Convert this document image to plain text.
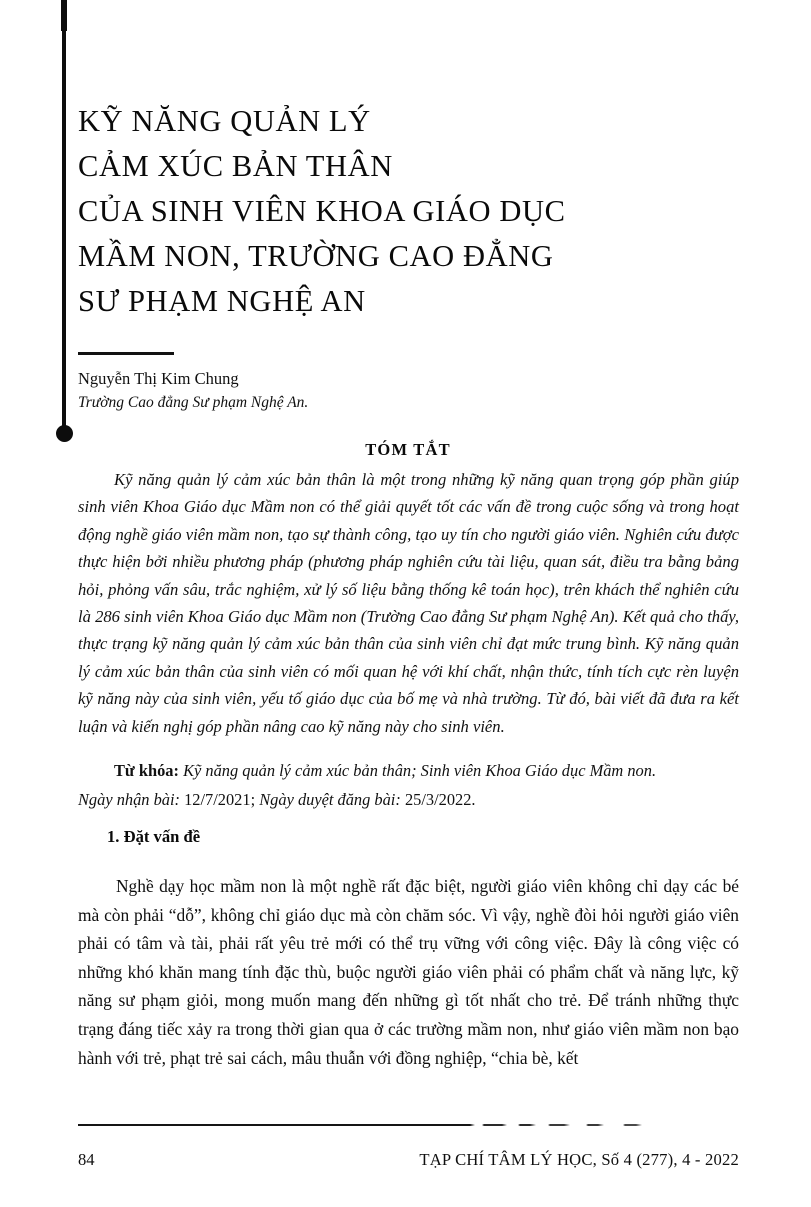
KỸ NĂNG QUẢN LÝ
CẢM XÚC BẢN THÂN
CỦA SINH VIÊN KHOA GIÁO DỤC
MẦM NON, TRƯỜNG CAO ĐẲNG
SƯ PHẠM NGHỆ AN
Nguyễn Thị Kim Chung
Trường Cao đẳng Sư phạm Nghệ An.
TÓM TẮT

Kỹ năng quản lý cảm xúc bản thân là một trong những kỹ năng quan trọng góp phần giúp sinh viên Khoa Giáo dục Mầm non có thể giải quyết tốt các vấn đề trong cuộc sống và trong hoạt động nghề giáo viên mầm non, tạo sự thành công, tạo uy tín cho người giáo viên. Nghiên cứu được thực hiện bởi nhiều phương pháp (phương pháp nghiên cứu tài liệu, quan sát, điều tra bằng bảng hỏi, phỏng vấn sâu, trắc nghiệm, xử lý số liệu bằng thống kê toán học), trên khách thể nghiên cứu là 286 sinh viên Khoa Giáo dục Mầm non (Trường Cao đẳng Sư phạm Nghệ An). Kết quả cho thấy, thực trạng kỹ năng quản lý cảm xúc bản thân của sinh viên chỉ đạt mức trung bình. Kỹ năng quản lý cảm xúc bản thân của sinh viên có mối quan hệ với khí chất, nhận thức, tính tích cực rèn luyện kỹ năng này của sinh viên, yếu tố giáo dục của bố mẹ và nhà trường. Từ đó, bài viết đã đưa ra kết luận và kiến nghị góp phần nâng cao kỹ năng này cho sinh viên.

Từ khóa: Kỹ năng quản lý cảm xúc bản thân; Sinh viên Khoa Giáo dục Mầm non.
Ngày nhận bài: 12/7/2021; Ngày duyệt đăng bài: 25/3/2022.
1. Đặt vấn đề

Nghề dạy học mầm non là một nghề rất đặc biệt, người giáo viên không chỉ dạy các bé mà còn phải “dỗ”, không chỉ giáo dục mà còn chăm sóc. Vì vậy, nghề đòi hỏi người giáo viên phải có tâm và tài, phải rất yêu trẻ mới có thể trụ vững với công việc. Đây là công việc có những khó khăn mang tính đặc thù, buộc người giáo viên phải có phẩm chất và năng lực, kỹ năng sư phạm giỏi, mong muốn mang đến những gì tốt nhất cho trẻ. Để tránh những thực trạng đáng tiếc xảy ra trong thời gian qua ở các trường mầm non, như giáo viên mầm non bạo hành với trẻ, phạt trẻ sai cách, mâu thuẫn với đồng nghiệp, “chia bè, kết

84	TẠP CHÍ TÂM LÝ HỌC, Số 4 (277), 4 - 2022
